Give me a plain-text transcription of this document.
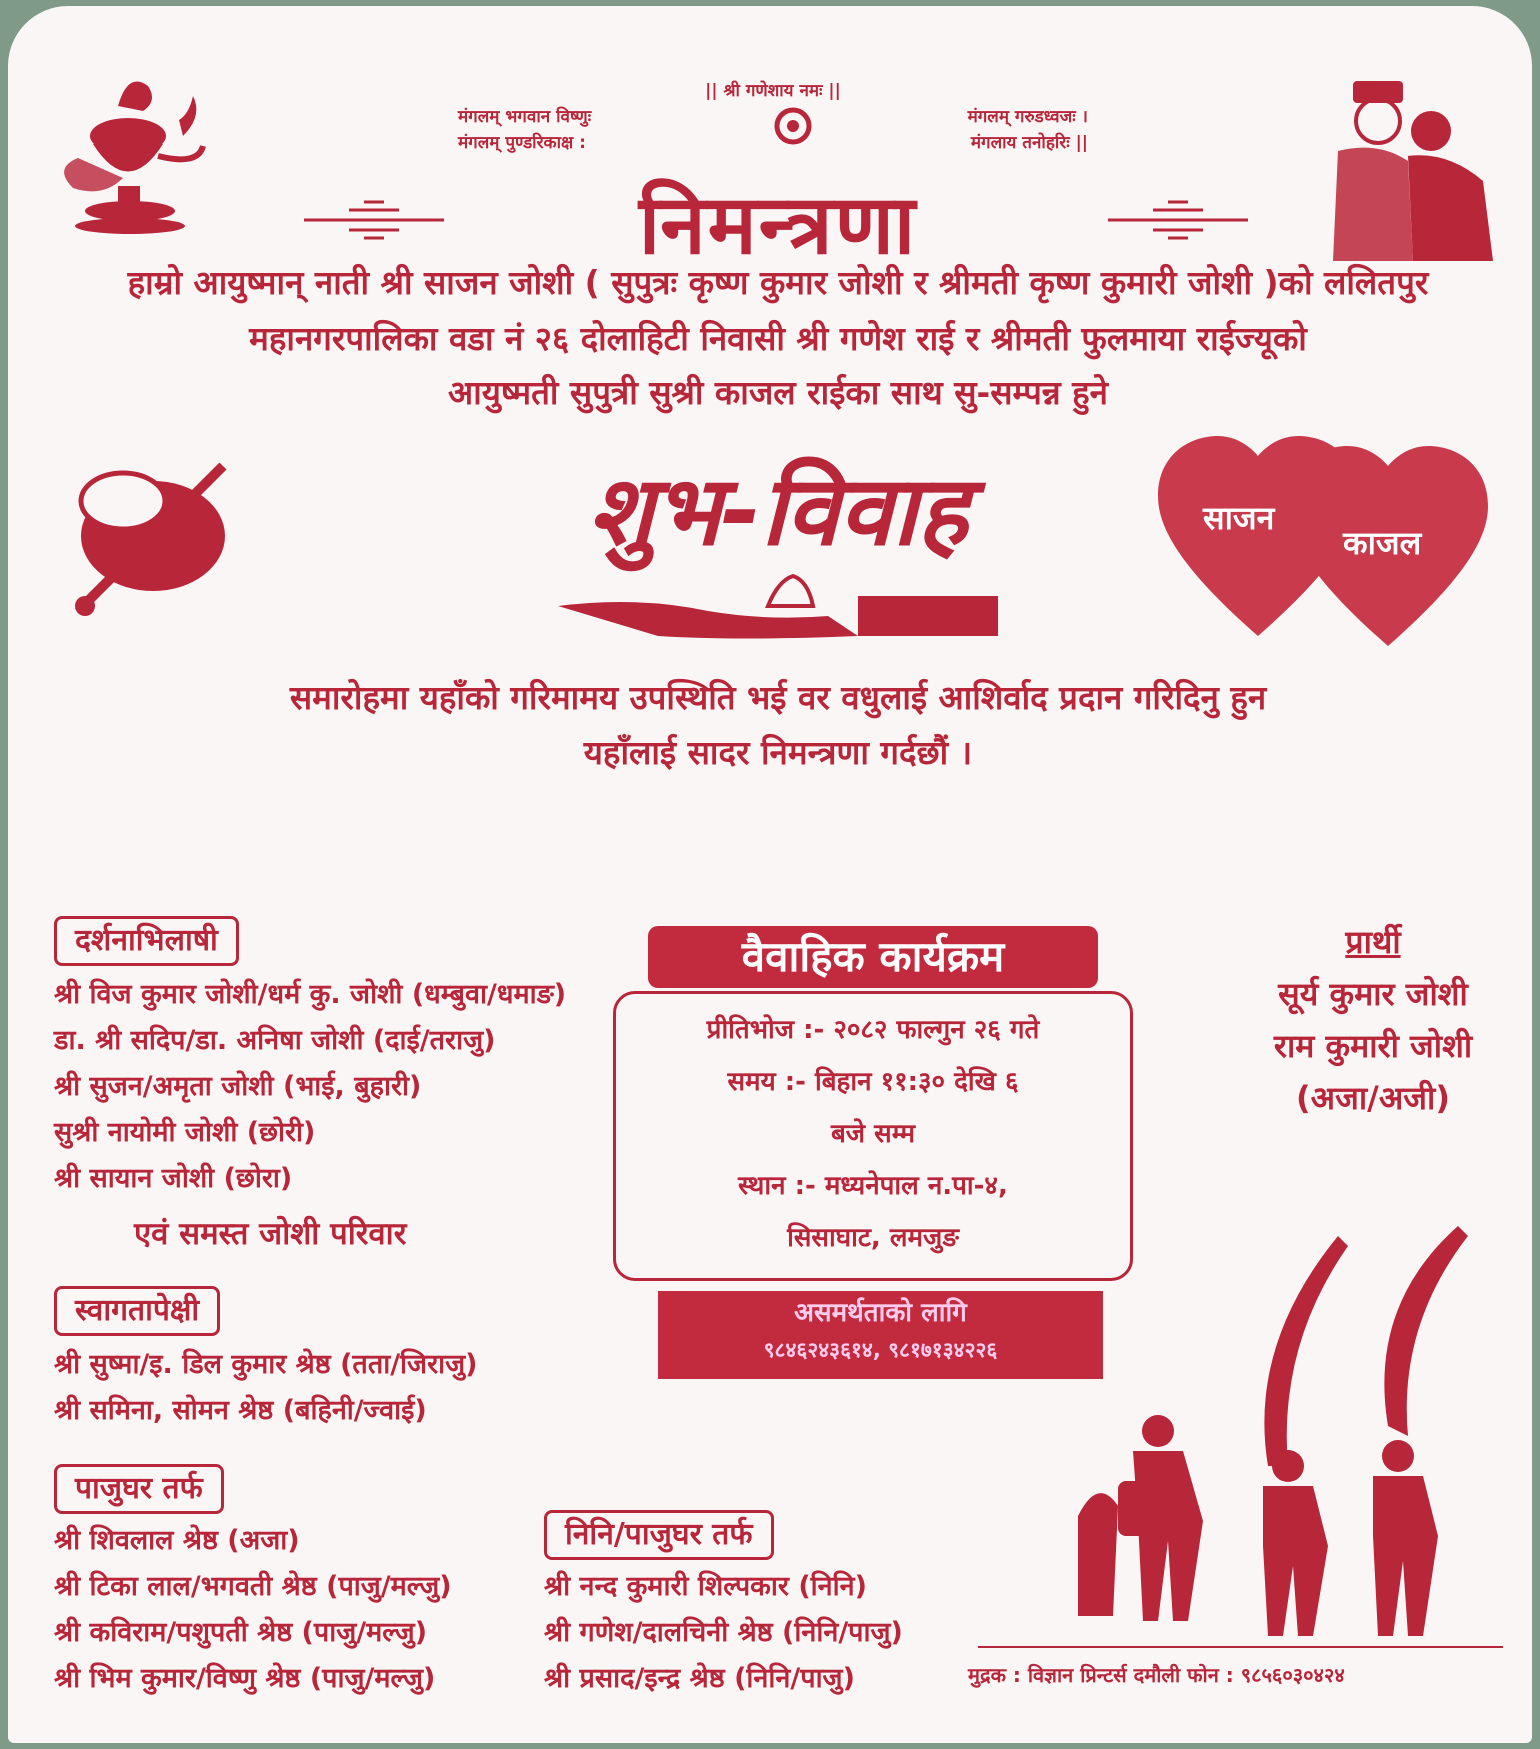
|| श्री गणेशाय नमः ||
मंगलम् भगवान विष्णुः	मंगलम् गरुडध्वजः ।
मंगलम् पुण्डरिकाक्ष :	मंगलाय तनोहरिः ||
निमन्त्रणा
हाम्रो आयुष्मान् नाती श्री साजन जोशी ( सुपुत्रः कृष्ण कुमार जोशी र श्रीमती कृष्ण कुमारी जोशी )को ललितपुर
महानगरपालिका वडा नं २६ दोलाहिटी निवासी श्री गणेश राई र श्रीमती फुलमाया राईज्यूको
आयुष्मती सुपुत्री सुश्री काजल राईका साथ सु-सम्पन्न हुने
शुभ-विवाह	साजन
काजल
समारोहमा यहाँको गरिमामय उपस्थिति भई वर वधुलाई आशिर्वाद प्रदान गरिदिनु हुन
यहाँलाई सादर निमन्त्रणा गर्दछौं ।
दर्शनाभिलाषी
श्री विज कुमार जोशी/धर्म कु. जोशी (धम्बुवा/धमाङ)
डा. श्री सदिप/डा. अनिषा जोशी (दाई/तराजु)
श्री सुजन/अमृता जोशी (भाई, बुहारी)
सुश्री नायोमी जोशी (छोरी)
श्री सायान जोशी (छोरा)
एवं समस्त जोशी परिवार
स्वागतापेक्षी
श्री सुष्मा/इ. डिल कुमार श्रेष्ठ (तता/जिराजु)
श्री समिना, सोमन श्रेष्ठ (बहिनी/ज्वाई)
पाजुघर तर्फ
श्री शिवलाल श्रेष्ठ (अजा)
श्री टिका लाल/भगवती श्रेष्ठ (पाजु/मल्जु)
श्री कविराम/पशुपती श्रेष्ठ (पाजु/मल्जु)
श्री भिम कुमार/विष्णु श्रेष्ठ (पाजु/मल्जु)
निनि/पाजुघर तर्फ
श्री नन्द कुमारी शिल्पकार (निनि)
श्री गणेश/दालचिनी श्रेष्ठ (निनि/पाजु)
श्री प्रसाद/इन्द्र श्रेष्ठ (निनि/पाजु)
प्रीतिभोज :- २०८२ फाल्गुन २६ गते
समय :- बिहान ११:३० देखि ६
बजे सम्म
स्थान :- मध्यनेपाल न.पा-४,
सिसाघाट, लमजुङ
वैवाहिक कार्यक्रम
असमर्थताको लागि
९८४६२४३६१४, ९८१७१३४२२६
प्रार्थी
सूर्य कुमार जोशी
राम कुमारी जोशी
(अजा/अजी)
मुद्रक : विज्ञान प्रिन्टर्स दमौली फोन : ९८५६०३०४२४
